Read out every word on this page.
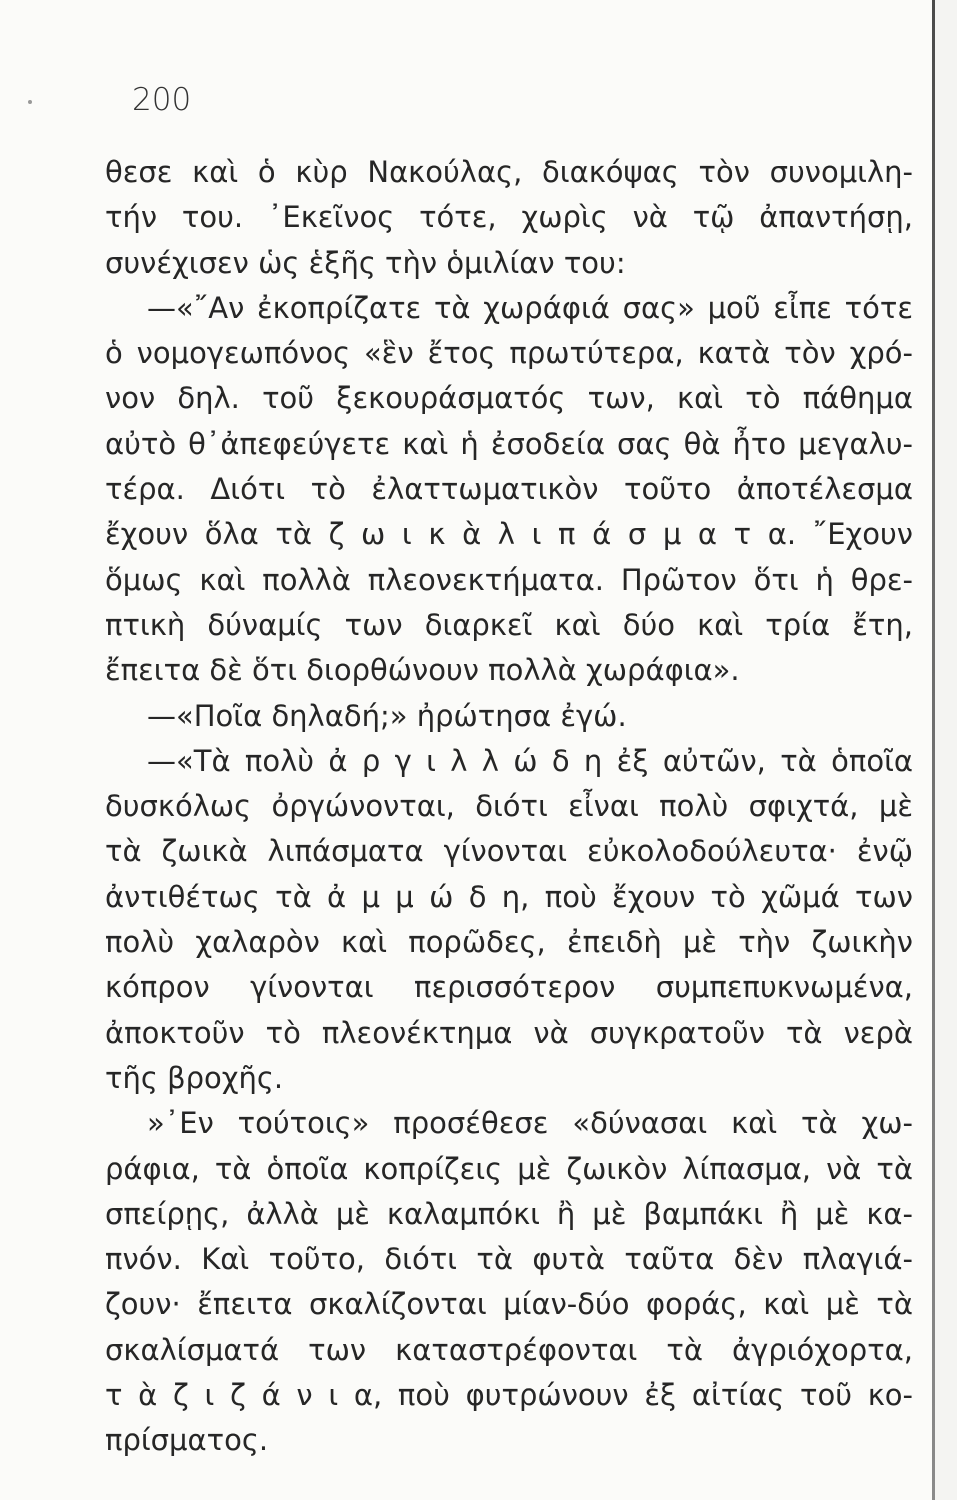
200
θεσε καὶ ὁ κὺρ Νακούλας, διακόψας τὸν συνομιλη-
τήν του. ᾿Εκεῖνος τότε, χωρὶς νὰ τῷ ἀπαντήσῃ,
συνέχισεν ὡς ἑξῆς τὴν ὁμιλίαν του:
—«῎Αν ἐκοπρίζατε τὰ χωράφιά σας» μοῦ εἶπε τότε
ὁ νομογεωπόνος «ἓν ἔτος πρωτύτερα, κατὰ τὸν χρό-
νον δηλ. τοῦ ξεκουράσματός των, καὶ τὸ πάθημα
αὐτὸ θ᾿ἀπεφεύγετε καὶ ἡ ἐσοδεία σας θὰ ἦτο μεγαλυ-
τέρα. Διότι τὸ ἐλαττωματικὸν τοῦτο ἀποτέλεσμα
ἔχουν ὅλα τὰ ζ ω ι κ ὰ λ ι π ά σ μ α τ α. ῎Εχουν
ὅμως καὶ πολλὰ πλεονεκτήματα. Πρῶτον ὅτι ἡ θρε-
πτικὴ δύναμίς των διαρκεῖ καὶ δύο καὶ τρία ἔτη,
ἔπειτα δὲ ὅτι διορθώνουν πολλὰ χωράφια».
—«Ποῖα δηλαδή;» ἠρώτησα ἐγώ.
—«Τὰ πολὺ ἀ ρ γ ι λ λ ώ δ η ἐξ αὐτῶν, τὰ ὁποῖα
δυσκόλως ὀργώνονται, διότι εἶναι πολὺ σφιχτά, μὲ
τὰ ζωικὰ λιπάσματα γίνονται εὐκολοδούλευτα· ἐνῷ
ἀντιθέτως τὰ ἀ μ μ ώ δ η, ποὺ ἔχουν τὸ χῶμά των
πολὺ χαλαρὸν καὶ πορῶδες, ἐπειδὴ μὲ τὴν ζωικὴν
κόπρον γίνονται περισσότερον συμπεπυκνωμένα,
ἀποκτοῦν τὸ πλεονέκτημα νὰ συγκρατοῦν τὰ νερὰ
τῆς βροχῆς.
»᾿Εν τούτοις» προσέθεσε «δύνασαι καὶ τὰ χω-
ράφια, τὰ ὁποῖα κοπρίζεις μὲ ζωικὸν λίπασμα, νὰ τὰ
σπείρῃς, ἀλλὰ μὲ καλαμπόκι ἢ μὲ βαμπάκι ἢ μὲ κα-
πνόν. Καὶ τοῦτο, διότι τὰ φυτὰ ταῦτα δὲν πλαγιά-
ζουν· ἔπειτα σκαλίζονται μίαν-δύο φοράς, καὶ μὲ τὰ
σκαλίσματά των καταστρέφονται τὰ ἀγριόχορτα,
τ ὰ ζ ι ζ ά ν ι α, ποὺ φυτρώνουν ἐξ αἰτίας τοῦ κο-
πρίσματος.
